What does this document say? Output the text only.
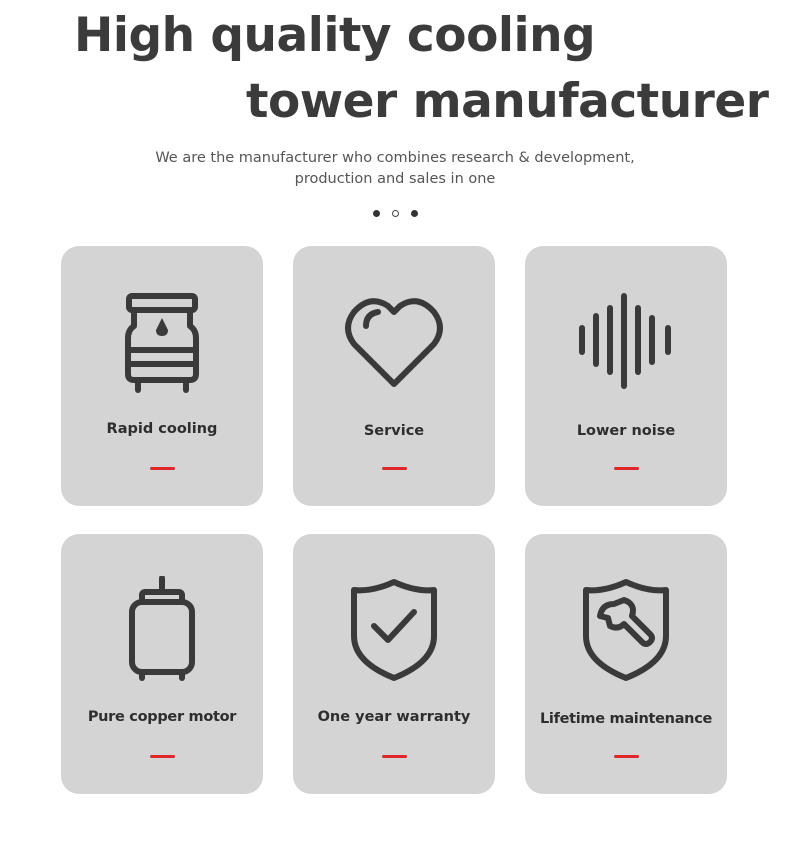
High quality cooling
tower manufacturer
We are the manufacturer who combines research & development,
production and sales in one
Rapid cooling	Service	Lower noise
Pure copper motor	One year warranty	Lifetime maintenance
